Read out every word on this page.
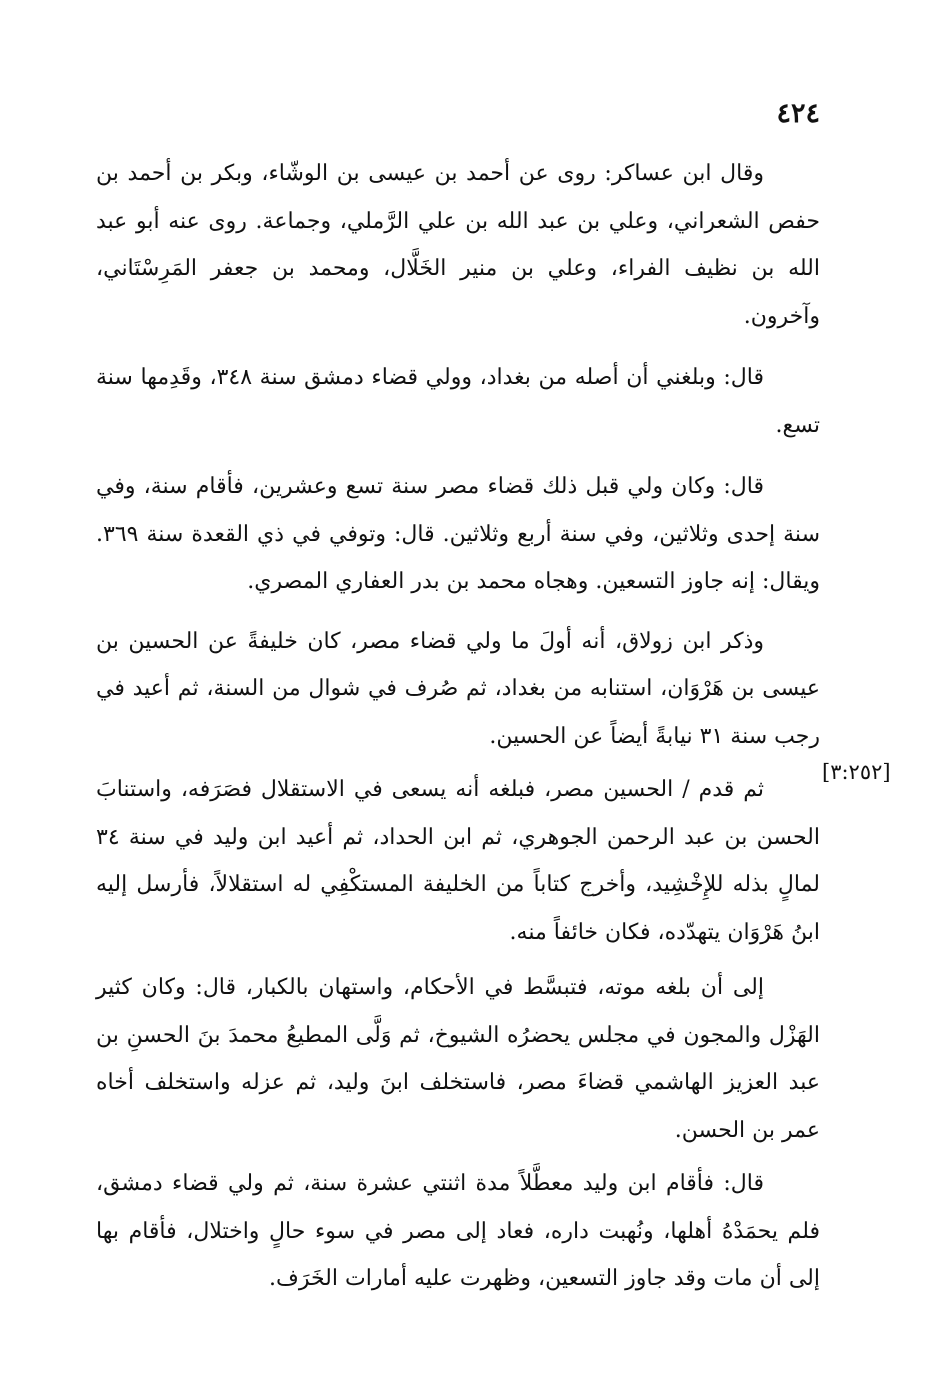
٤٢٤
[٣:٢٥٢]

وقال ابن عساكر: روى عن أحمد بن عيسى بن الوشّاء، وبكر بن أحمد بن حفص الشعراني، وعلي بن عبد الله بن علي الرَّملي، وجماعة. روى عنه أبو عبد الله بن نظيف الفراء، وعلي بن منير الخَلَّال، ومحمد بن جعفر المَرِسْتَاني، وآخرون.

قال: وبلغني أن أصله من بغداد، وولي قضاء دمشق سنة ٣٤٨، وقَدِمها سنة تسع.

قال: وكان ولي قبل ذلك قضاء مصر سنة تسع وعشرين، فأقام سنة، وفي سنة إحدى وثلاثين، وفي سنة أربع وثلاثين. قال: وتوفي في ذي القعدة سنة ٣٦٩. ويقال: إنه جاوز التسعين. وهجاه محمد بن بدر العفاري المصري.

وذكر ابن زولاق، أنه أولَ ما ولي قضاء مصر، كان خليفةً عن الحسين بن عيسى بن هَرْوَان، استنابه من بغداد، ثم صُرف في شوال من السنة، ثم أعيد في رجب سنة ٣١ نيابةً أيضاً عن الحسين.

ثم قدم / الحسين مصر، فبلغه أنه يسعى في الاستقلال فصَرَفه، واستنابَ الحسن بن عبد الرحمن الجوهري، ثم ابن الحداد، ثم أعيد ابن وليد في سنة ٣٤ لمالٍ بذله للإِخْشِيد، وأخرج كتاباً من الخليفة المستكْفِي له استقلالاً، فأرسل إليه ابنُ هَرْوَان يتهدّده، فكان خائفاً منه.

إلى أن بلغه موته، فتبسَّط في الأحكام، واستهان بالكبار، قال: وكان كثير الهَزْل والمجون في مجلس يحضرُه الشيوخ، ثم وَلَّى المطيعُ محمدَ بنَ الحسنِ بن عبد العزيز الهاشمي قضاءَ مصر، فاستخلف ابنَ وليد، ثم عزله واستخلف أخاه عمر بن الحسن.

قال: فأقام ابن وليد معطَّلاً مدة اثنتي عشرة سنة، ثم ولي قضاء دمشق، فلم يحمَدْهُ أهلها، ونُهبت داره، فعاد إلى مصر في سوء حالٍ واختلال، فأقام بها إلى أن مات وقد جاوز التسعين، وظهرت عليه أمارات الخَرَف.
